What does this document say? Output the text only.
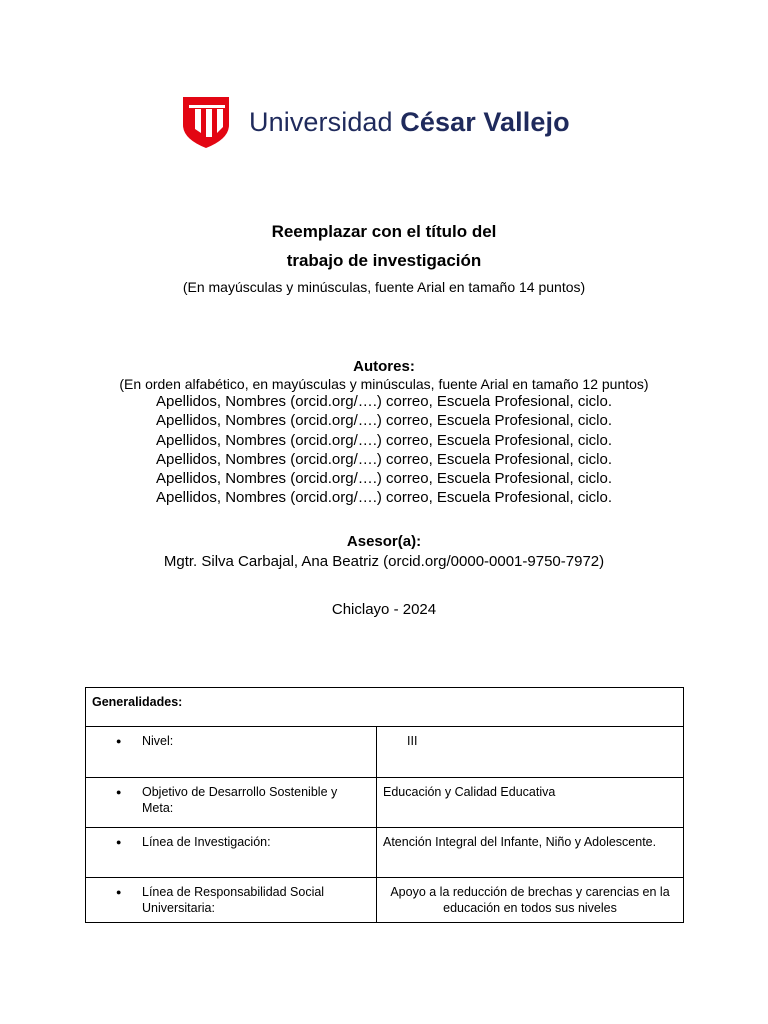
Universidad César Vallejo
Reemplazar con el título del
trabajo de investigación
(En mayúsculas y minúsculas, fuente Arial en tamaño 14 puntos)
Autores:
(En orden alfabético, en mayúsculas y minúsculas, fuente Arial en tamaño 12 puntos)
Apellidos, Nombres (orcid.org/….) correo, Escuela Profesional, ciclo.
Apellidos, Nombres (orcid.org/….) correo, Escuela Profesional, ciclo.
Apellidos, Nombres (orcid.org/….) correo, Escuela Profesional, ciclo.
Apellidos, Nombres (orcid.org/….) correo, Escuela Profesional, ciclo.
Apellidos, Nombres (orcid.org/….) correo, Escuela Profesional, ciclo.
Apellidos, Nombres (orcid.org/….) correo, Escuela Profesional, ciclo.
Asesor(a):
Mgtr. Silva Carbajal, Ana Beatriz (orcid.org/0000-0001-9750-7972)
Chiclayo - 2024
Generalidades:	

● Nivel:	III

● Objetivo de Desarrollo Sostenible y Meta:	Educación y Calidad Educativa

● Línea de Investigación:	Atención Integral del Infante, Niño y Adolescente.

● Línea de Responsabilidad Social Universitaria:	Apoyo a la reducción de brechas y carencias en la educación en todos sus niveles
